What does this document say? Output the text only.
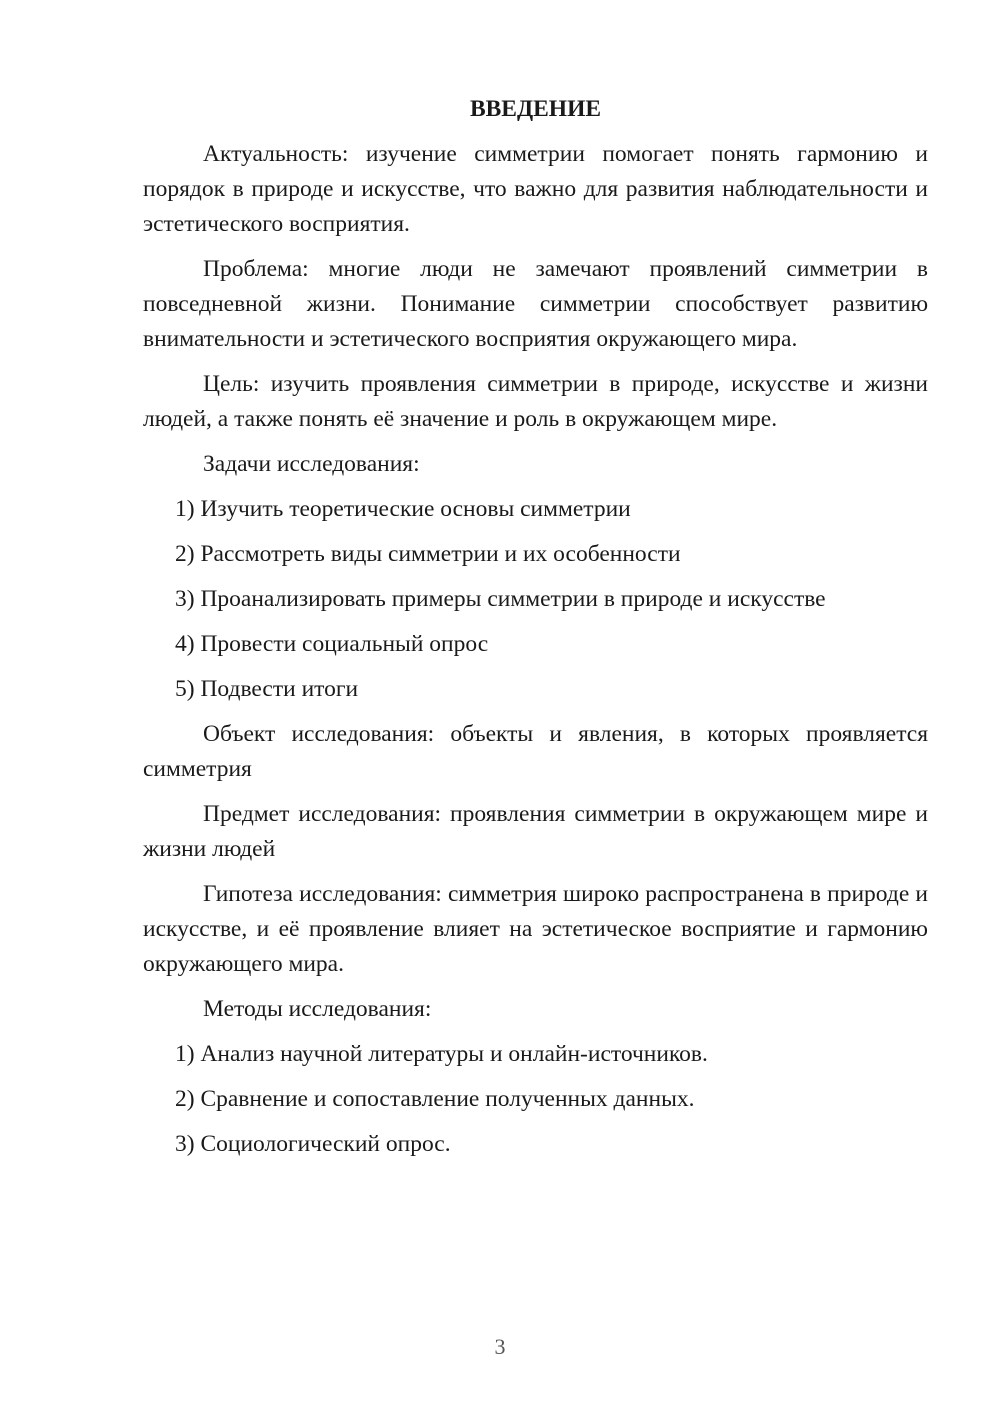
ВВЕДЕНИЕ

Актуальность: изучение симметрии помогает понять гармонию и порядок в природе и искусстве, что важно для развития наблюдательности и эстетического восприятия.

Проблема: многие люди не замечают проявлений симметрии в повседневной жизни. Понимание симметрии способствует развитию внимательности и эстетического восприятия окружающего мира.

Цель: изучить проявления симметрии в природе, искусстве и жизни людей, а также понять её значение и роль в окружающем мире.

Задачи исследования:

1) Изучить теоретические основы симметрии
2) Рассмотреть виды симметрии и их особенности
3) Проанализировать примеры симметрии в природе и искусстве
4) Провести социальный опрос
5) Подвести итоги

Объект исследования: объекты и явления, в которых проявляется симметрия

Предмет исследования: проявления симметрии в окружающем мире и жизни людей

Гипотеза исследования: симметрия широко распространена в природе и искусстве, и её проявление влияет на эстетическое восприятие и гармонию окружающего мира.

Методы исследования:

1) Анализ научной литературы и онлайн-источников.
2) Сравнение и сопоставление полученных данных.
3) Социологический опрос.
3
